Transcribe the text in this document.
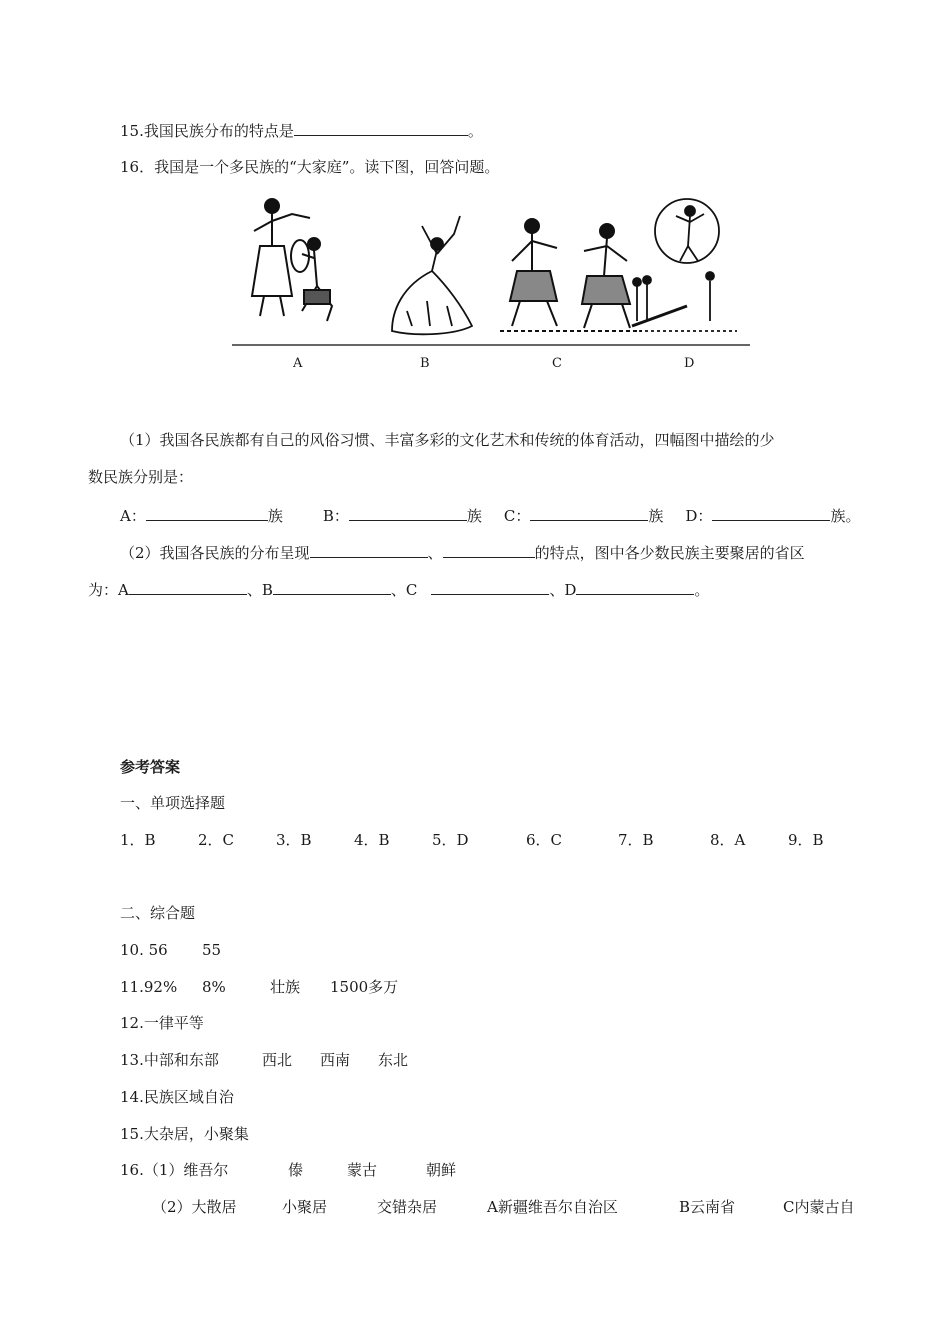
15.我国民族分布的特点是	。
16．我国是一个多民族的“大家庭”。读下图，回答问题。
A	B	C	D
（1）我国各民族都有自己的风俗习惯、丰富多彩的文化艺术和传统的体育活动，四幅图中描绘的少
数民族分别是：
A：	族	B：	族 C：	族 D：	族。
（2）我国各民族的分布呈现	、	的特点，图中各少数民族主要聚居的省区
为：A	、B	、C	、D	。
参考答案
一、单项选择题
1．B	2．C	3．B	4．B	5．D	6．C	7．B	8．A	9．B
二、综合题
10. 56 55
11.92% 8%	壮族 1500多万
12.一律平等
13.中部和东部	西北 西南 东北
14.民族区域自治
15.大杂居，小聚集
16.（1）维吾尔	傣	蒙古	朝鲜
（2）大散居	小聚居	交错杂居	A新疆维吾尔自治区	B云南省	C内蒙古自
